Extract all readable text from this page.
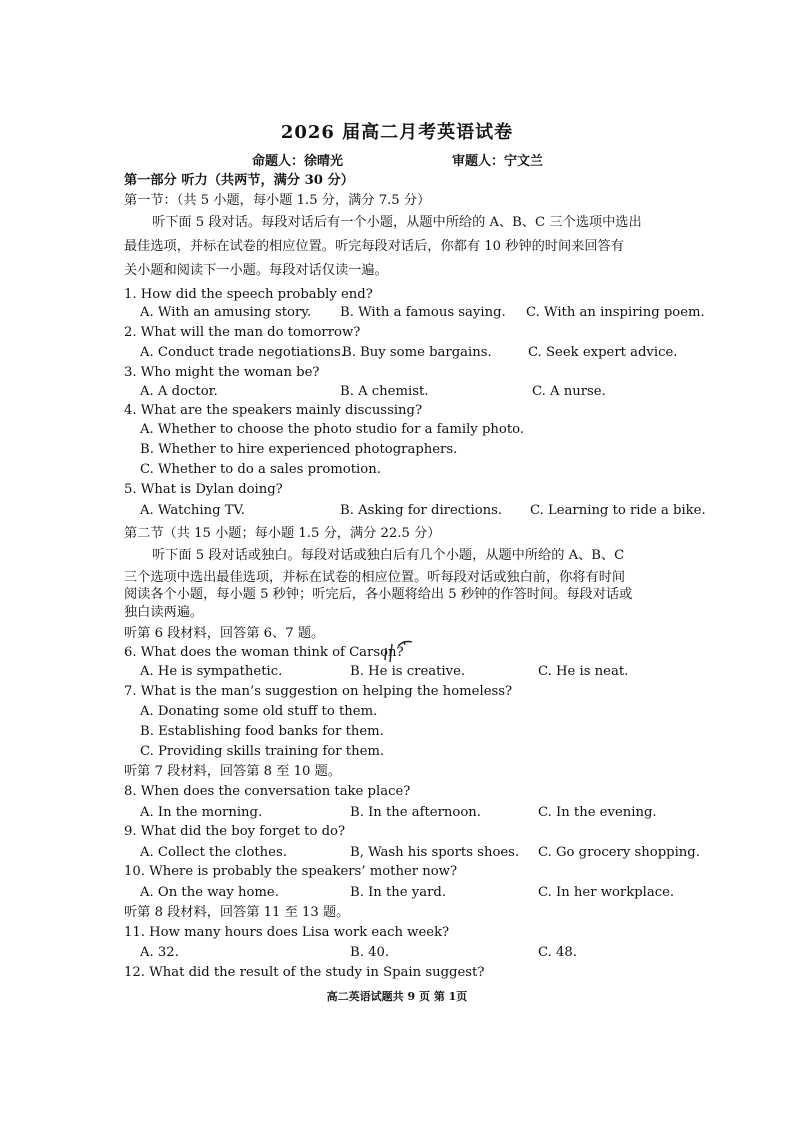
2026 届高二月考英语试卷
命题人：徐晴光	审题人：宁文兰
第一部分 听力（共两节，满分 30 分）
第一节：（共 5 小题，每小题 1.5 分，满分 7.5 分）
听下面 5 段对话。每段对话后有一个小题，从题中所给的 A、B、C 三个选项中选出
最佳选项，并标在试卷的相应位置。听完每段对话后，你都有 10 秒钟的时间来回答有
关小题和阅读下一小题。每段对话仅读一遍。
1. How did the speech probably end?
A. With an amusing story. B. With a famous saying. C. With an inspiring poem.
2. What will the man do tomorrow?
A. Conduct trade negotiations.
B. Buy some bargains.	C. Seek expert advice.
3. Who might the woman be?
A. A doctor.	B. A chemist.	C. A nurse.
4. What are the speakers mainly discussing?
A. Whether to choose the photo studio for a family photo.
B. Whether to hire experienced photographers.
C. Whether to do a sales promotion.
5. What is Dylan doing?
A. Watching TV.	B. Asking for directions. C. Learning to ride a bike.
第二节（共 15 小题；每小题 1.5 分，满分 22.5 分）
听下面 5 段对话或独白。每段对话或独白后有几个小题，从题中所给的 A、B、C
三个选项中选出最佳选项，并标在试卷的相应位置。听每段对话或独白前，你将有时间
阅读各个小题，每小题 5 秒钟；听完后，各小题将给出 5 秒钟的作答时间。每段对话或
独白读两遍。
听第 6 段材料，回答第 6、7 题。
6. What does the woman think of Carson?
A. He is sympathetic.	B. He is creative.	C. He is neat.
7. What is the man’s suggestion on helping the homeless?
A. Donating some old stuff to them.
B. Establishing food banks for them.
C. Providing skills training for them.
听第 7 段材料，回答第 8 至 10 题。
8. When does the conversation take place?
A. In the morning.	B. In the afternoon.	C. In the evening.
9. What did the boy forget to do?
A. Collect the clothes.	B, Wash his sports shoes. C. Go grocery shopping.
10. Where is probably the speakers’ mother now?
A. On the way home.	B. In the yard.	C. In her workplace.
听第 8 段材料，回答第 11 至 13 题。
11. How many hours does Lisa work each week?
A. 32.	B. 40.	C. 48.
12. What did the result of the study in Spain suggest?
高二英语试题共 9 页 第 1页
